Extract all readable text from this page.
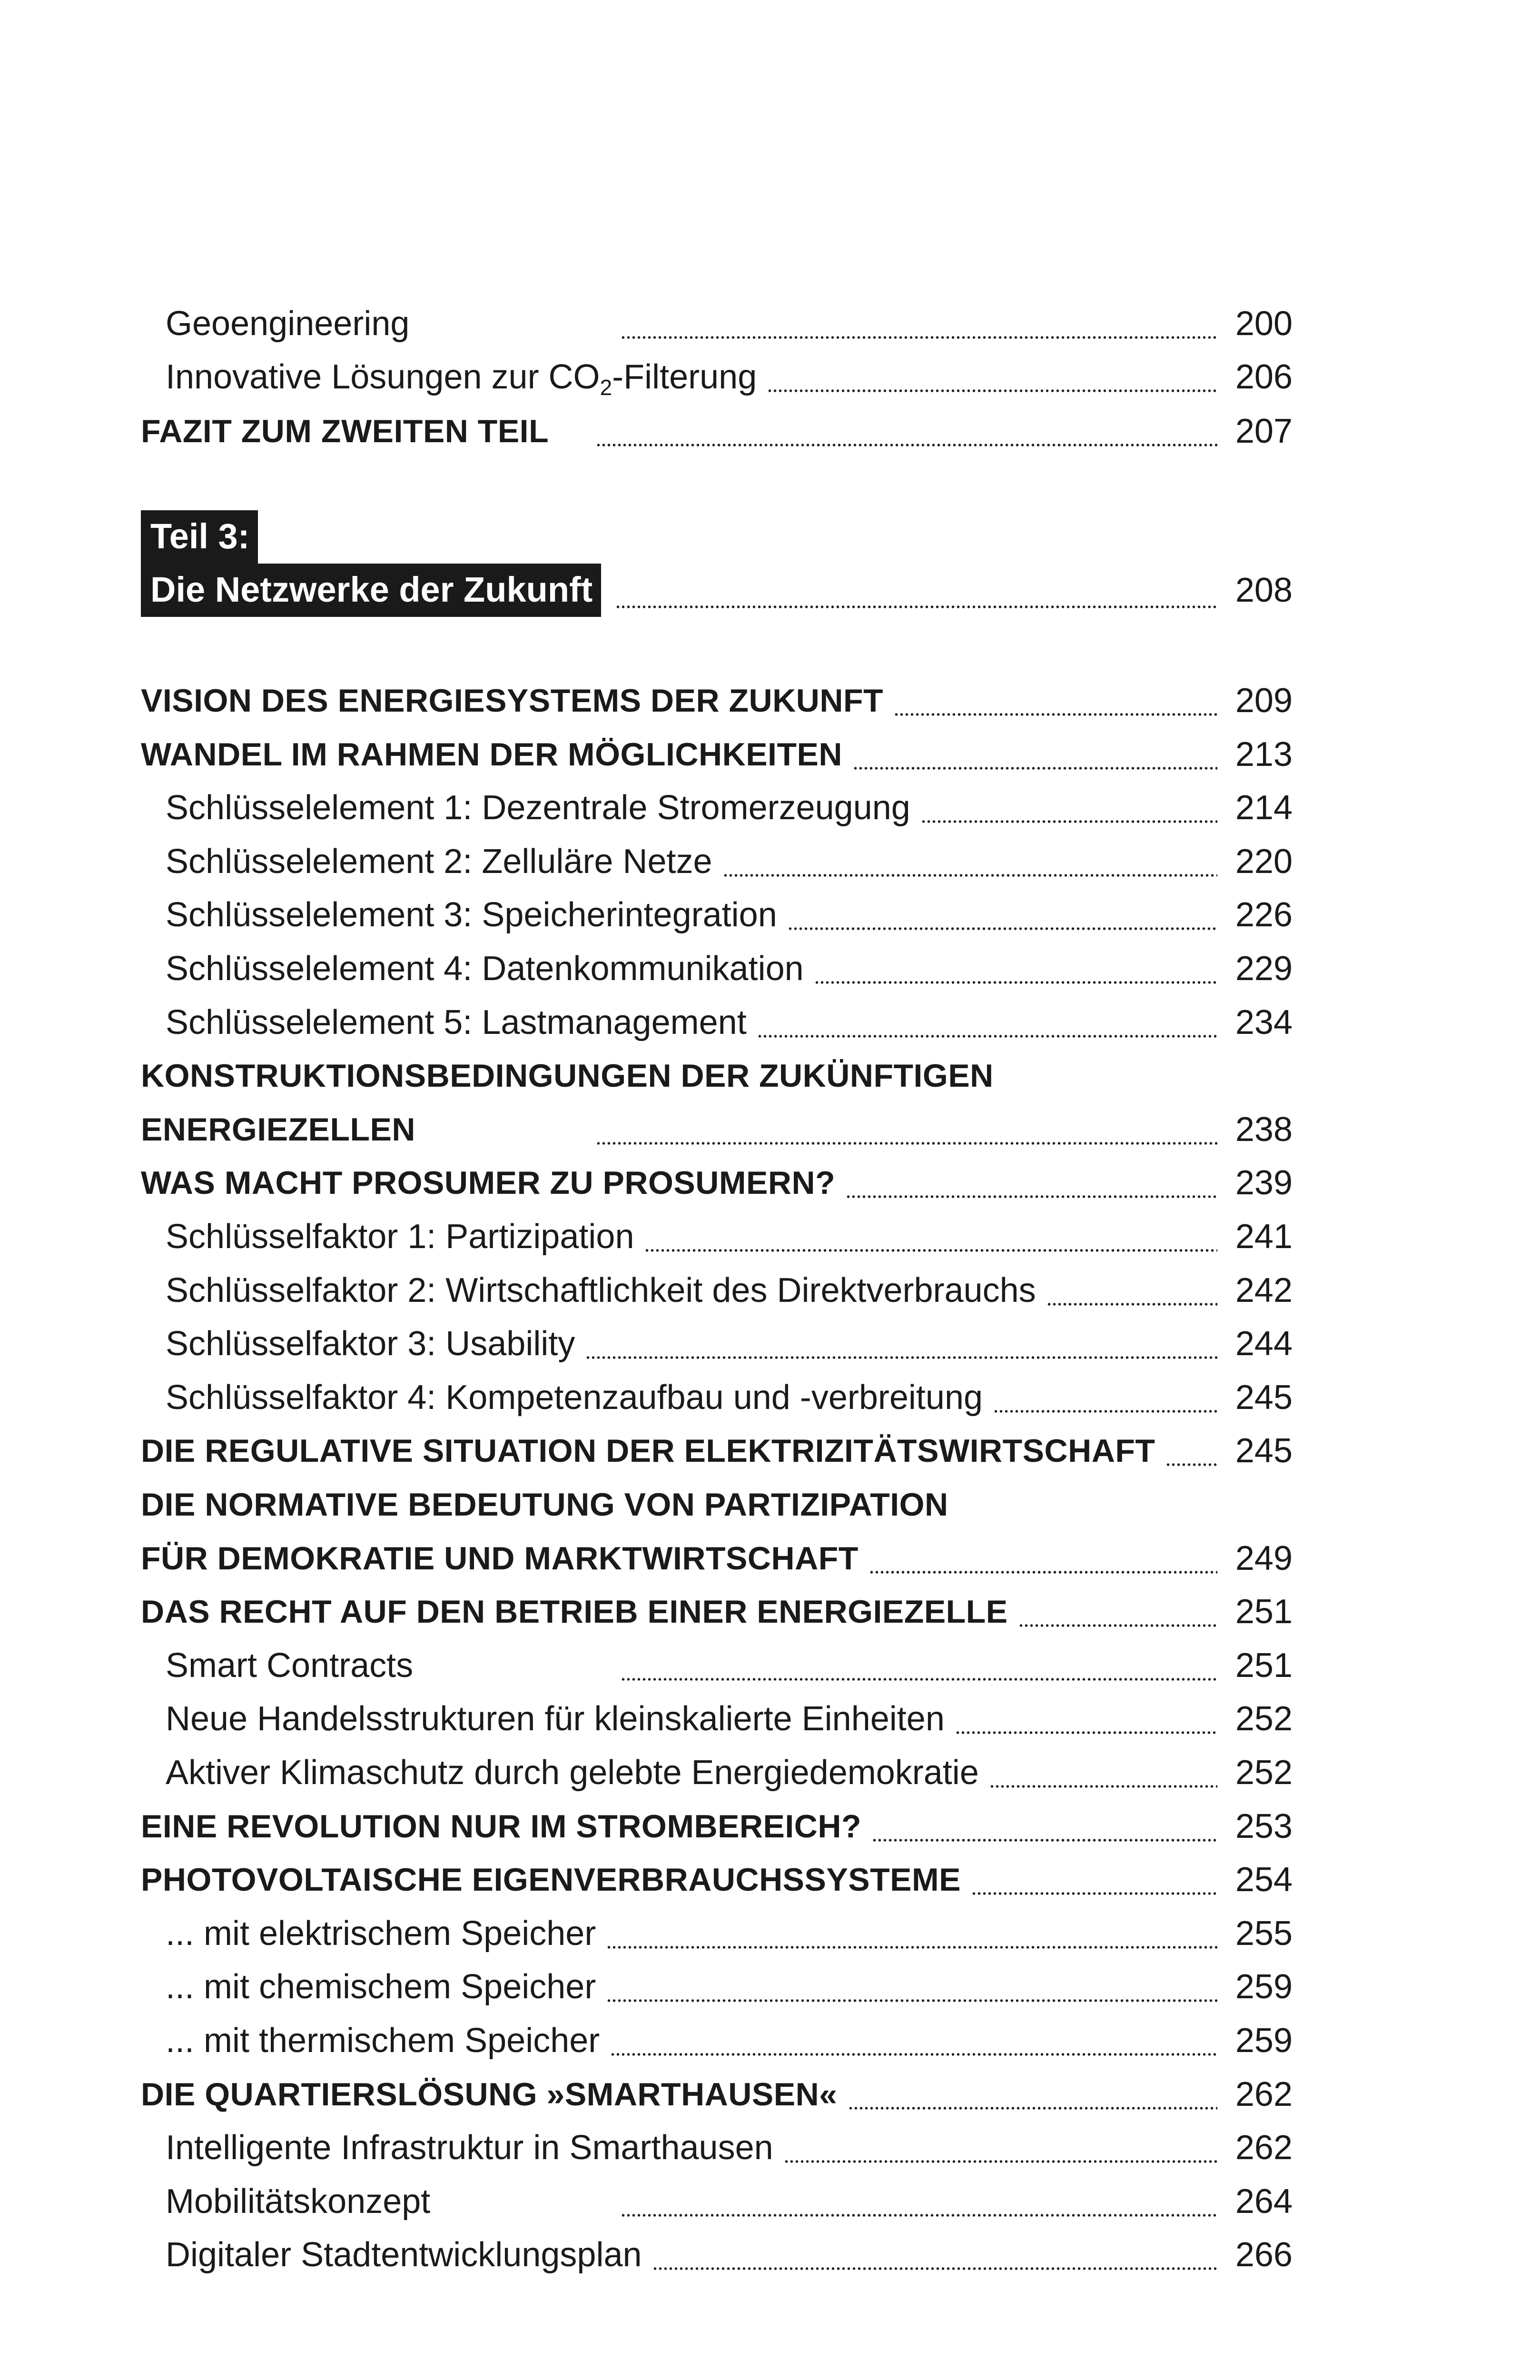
Geoengineering	200
Innovative Lösungen zur $CO_2$-Filterung	206
FAZIT ZUM ZWEITEN TEIL	207
Teil 3:
Die Netzwerke der Zukunft	208
VISION DES ENERGIESYSTEMS DER ZUKUNFT	209
WANDEL IM RAHMEN DER MÖGLICHKEITEN	213
Schlüsselelement 1: Dezentrale Stromerzeugung	214
Schlüsselelement 2: Zelluläre Netze	220
Schlüsselelement 3: Speicherintegration	226
Schlüsselelement 4: Datenkommunikation	229
Schlüsselelement 5: Lastmanagement	234
KONSTRUKTIONSBEDINGUNGEN DER ZUKÜNFTIGEN
ENERGIEZELLEN	238
WAS MACHT PROSUMER ZU PROSUMERN?	239
Schlüsselfaktor 1: Partizipation	241
Schlüsselfaktor 2: Wirtschaftlichkeit des Direktverbrauchs	242
Schlüsselfaktor 3: Usability	244
Schlüsselfaktor 4: Kompetenzaufbau und -verbreitung	245
DIE REGULATIVE SITUATION DER ELEKTRIZITÄTSWIRTSCHAFT 245
DIE NORMATIVE BEDEUTUNG VON PARTIZIPATION
FÜR DEMOKRATIE UND MARKTWIRTSCHAFT	249
DAS RECHT AUF DEN BETRIEB EINER ENERGIEZELLE	251
Smart Contracts	251
Neue Handelsstrukturen für kleinskalierte Einheiten	252
Aktiver Klimaschutz durch gelebte Energiedemokratie	252
EINE REVOLUTION NUR IM STROMBEREICH?	253
PHOTOVOLTAISCHE EIGENVERBRAUCHSSYSTEME	254
... mit elektrischem Speicher	255
... mit chemischem Speicher	259
... mit thermischem Speicher	259
DIE QUARTIERSLÖSUNG »SMARTHAUSEN«	262
Intelligente Infrastruktur in Smarthausen	262
Mobilitätskonzept	264
Digitaler Stadtentwicklungsplan	266
